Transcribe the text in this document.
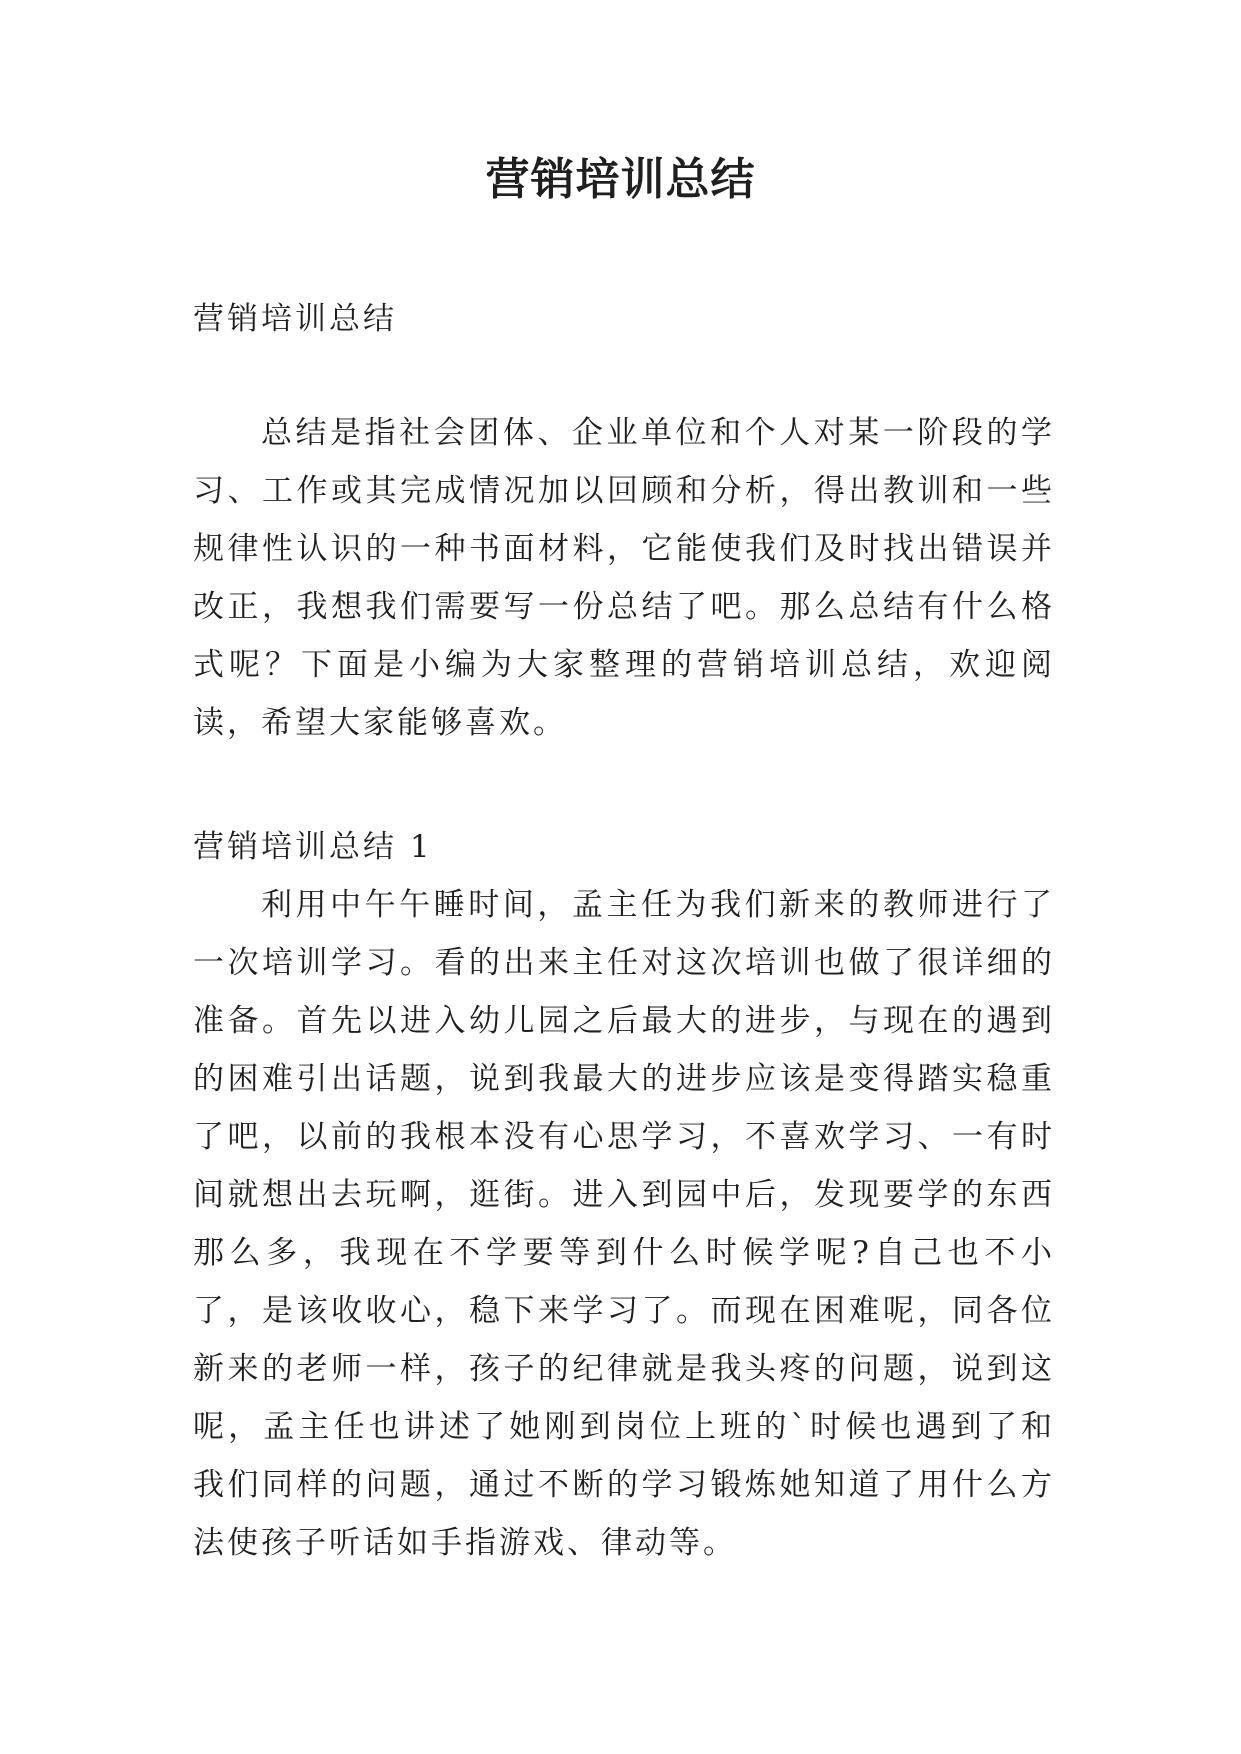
营销培训总结

营销培训总结

总结是指社会团体、企业单位和个人对某一阶段的学习、工作或其完成情况加以回顾和分析，得出教训和一些规律性认识的一种书面材料，它能使我们及时找出错误并改正，我想我们需要写一份总结了吧。那么总结有什么格式呢？下面是小编为大家整理的营销培训总结，欢迎阅读，希望大家能够喜欢。

营销培训总结 1

利用中午午睡时间，孟主任为我们新来的教师进行了一次培训学习。看的出来主任对这次培训也做了很详细的准备。首先以进入幼儿园之后最大的进步，与现在的遇到的困难引出话题，说到我最大的进步应该是变得踏实稳重了吧，以前的我根本没有心思学习，不喜欢学习、一有时间就想出去玩啊，逛街。进入到园中后，发现要学的东西那么多，我现在不学要等到什么时候学呢?自己也不小了，是该收收心，稳下来学习了。而现在困难呢，同各位新来的老师一样，孩子的纪律就是我头疼的问题，说到这呢，孟主任也讲述了她刚到岗位上班的`时候也遇到了和我们同样的问题，通过不断的学习锻炼她知道了用什么方法使孩子听话如手指游戏、律动等。
